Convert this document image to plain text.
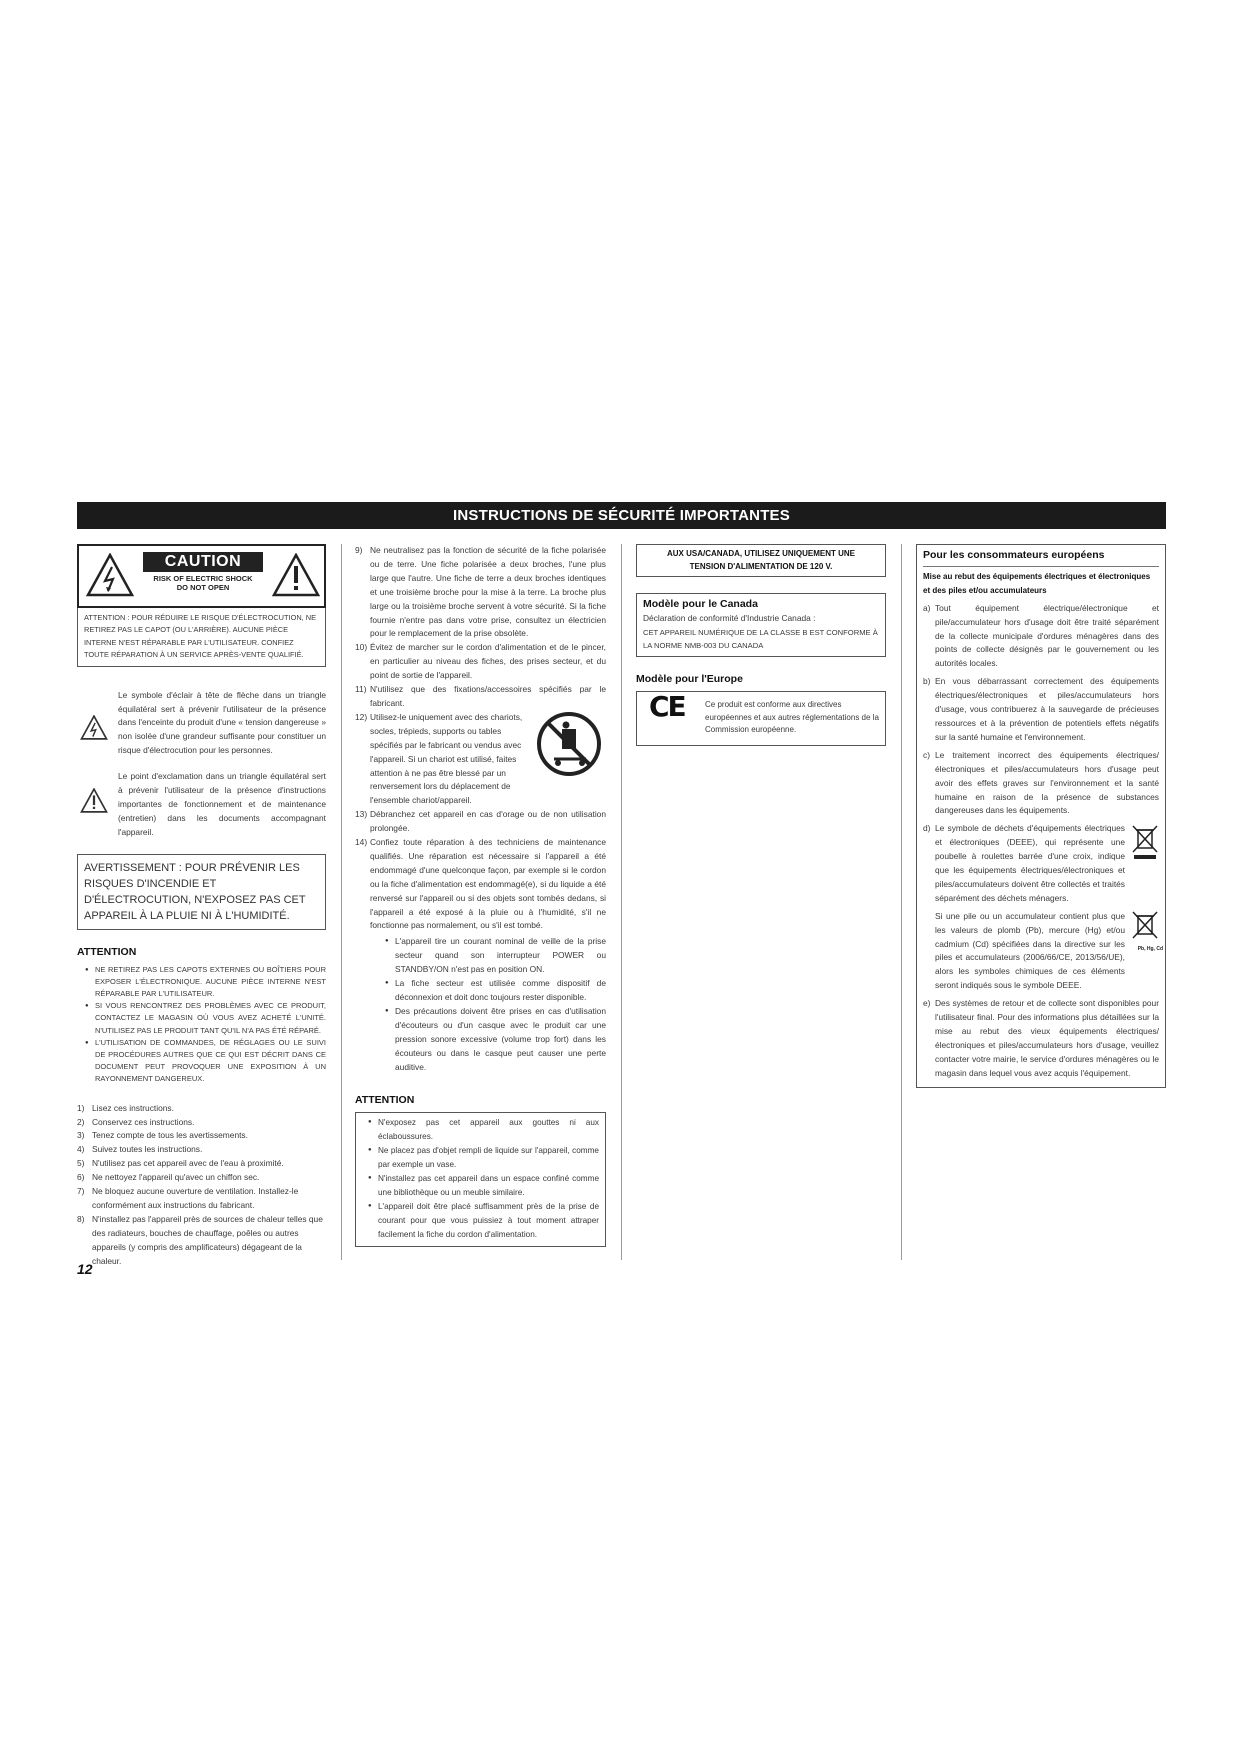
INSTRUCTIONS DE SÉCURITÉ IMPORTANTES
CAUTION
RISK OF ELECTRIC SHOCK
DO NOT OPEN
ATTENTION : POUR RÉDUIRE LE RISQUE D'ÉLECTROCUTION, NE RETIREZ PAS LE CAPOT (OU L'ARRIÈRE). AUCUNE PIÈCE INTERNE N'EST RÉPARABLE PAR L'UTILISATEUR. CONFIEZ TOUTE RÉPARATION À UN SERVICE APRÈS-VENTE QUALIFIÉ.
Le symbole d'éclair à tête de flèche dans un triangle équilatéral sert à prévenir l'utilisateur de la présence dans l'enceinte du produit d'une « tension dangereuse » non isolée d'une grandeur suffisante pour constituer un risque d'électrocution pour les personnes.
Le point d'exclamation dans un triangle équilatéral sert à prévenir l'utilisateur de la présence d'instructions importantes de fonctionnement et de maintenance (entretien) dans les documents accompagnant l'appareil.
AVERTISSEMENT : POUR PRÉVENIR LES RISQUES D'INCENDIE ET D'ÉLECTROCUTION, N'EXPOSEZ PAS CET APPAREIL À LA PLUIE NI À L'HUMIDITÉ.
ATTENTION
● NE RETIREZ PAS LES CAPOTS EXTERNES OU BOÎTIERS POUR EXPOSER L'ÉLECTRONIQUE. AUCUNE PIÈCE INTERNE N'EST RÉPARABLE PAR L'UTILISATEUR.
● SI VOUS RENCONTREZ DES PROBLÈMES AVEC CE PRODUIT, CONTACTEZ LE MAGASIN OÙ VOUS AVEZ ACHETÉ L'UNITÉ. N'UTILISEZ PAS LE PRODUIT TANT QU'IL N'A PAS ÉTÉ RÉPARÉ.
● L'UTILISATION DE COMMANDES, DE RÉGLAGES OU LE SUIVI DE PROCÉDURES AUTRES QUE CE QUI EST DÉCRIT DANS CE DOCUMENT PEUT PROVOQUER UNE EXPOSITION À UN RAYONNEMENT DANGEREUX.
1) Lisez ces instructions.
2) Conservez ces instructions.
3) Tenez compte de tous les avertissements.
4) Suivez toutes les instructions.
5) N'utilisez pas cet appareil avec de l'eau à proximité.
6) Ne nettoyez l'appareil qu'avec un chiffon sec.
7) Ne bloquez aucune ouverture de ventilation. Installez-le conformément aux instructions du fabricant.
8) N'installez pas l'appareil près de sources de chaleur telles que des radiateurs, bouches de chauffage, poêles ou autres appareils (y compris des amplificateurs) dégageant de la chaleur.
9) Ne neutralisez pas la fonction de sécurité de la fiche polarisée ou de terre. Une fiche polarisée a deux broches, l'une plus large que l'autre. Une fiche de terre a deux broches identiques et une troisième broche pour la mise à la terre. La broche plus large ou la troisième broche servent à votre sécurité. Si la fiche fournie n'entre pas dans votre prise, consultez un électricien pour le remplacement de la prise obsolète.
10) Évitez de marcher sur le cordon d'alimentation et de le pincer, en particulier au niveau des fiches, des prises secteur, et du point de sortie de l'appareil.
11) N'utilisez que des fixations/accessoires spécifiés par le fabricant.
12) Utilisez-le uniquement avec des chariots, socles, trépieds, supports ou tables spécifiés par le fabricant ou vendus avec l'appareil. Si un chariot est utilisé, faites attention à ne pas être blessé par un renversement lors du déplacement de l'ensemble chariot/appareil.
13) Débranchez cet appareil en cas d'orage ou de non utilisation prolongée.
14) Confiez toute réparation à des techniciens de maintenance qualifiés. Une réparation est nécessaire si l'appareil a été endommagé d'une quelconque façon, par exemple si le cordon ou la fiche d'alimentation est endommagé(e), si du liquide a été renversé sur l'appareil ou si des objets sont tombés dedans, si l'appareil a été exposé à la pluie ou à l'humidité, s'il ne fonctionne pas normalement, ou s'il est tombé.
● L'appareil tire un courant nominal de veille de la prise secteur quand son interrupteur POWER ou STANDBY/ON n'est pas en position ON.
● La fiche secteur est utilisée comme dispositif de déconnexion et doit donc toujours rester disponible.
● Des précautions doivent être prises en cas d'utilisation d'écouteurs ou d'un casque avec le produit car une pression sonore excessive (volume trop fort) dans les écouteurs ou dans le casque peut causer une perte auditive.
ATTENTION
● N'exposez pas cet appareil aux gouttes ni aux éclaboussures.
● Ne placez pas d'objet rempli de liquide sur l'appareil, comme par exemple un vase.
● N'installez pas cet appareil dans un espace confiné comme une bibliothèque ou un meuble similaire.
● L'appareil doit être placé suffisamment près de la prise de courant pour que vous puissiez à tout moment attraper facilement la fiche du cordon d'alimentation.
AUX USA/CANADA, UTILISEZ UNIQUEMENT UNE TENSION D'ALIMENTATION DE 120 V.
Modèle pour le Canada
Déclaration de conformité d'Industrie Canada :
CET APPAREIL NUMÉRIQUE DE LA CLASSE B EST CONFORME À LA NORME NMB-003 DU CANADA
Modèle pour l'Europe
CE	Ce produit est conforme aux directives européennes et aux autres réglementations de la Commission européenne.
Pour les consommateurs européens
Mise au rebut des équipements électriques et électroniques et des piles et/ou accumulateurs
a) Tout équipement électrique/électronique et pile/accumulateur hors d'usage doit être traité séparément de la collecte municipale d'ordures ménagères dans des points de collecte désignés par le gouvernement ou les autorités locales.
b) En vous débarrassant correctement des équipements électriques/électroniques et piles/accumulateurs hors d'usage, vous contribuerez à la sauvegarde de précieuses ressources et à la prévention de potentiels effets négatifs sur la santé humaine et l'environnement.
c) Le traitement incorrect des équipements électriques/électroniques et piles/accumulateurs hors d'usage peut avoir des effets graves sur l'environnement et la santé humaine en raison de la présence de substances dangereuses dans les équipements.
d) Le symbole de déchets d'équipements électriques et électroniques (DEEE), qui représente une poubelle à roulettes barrée d'une croix, indique que les équipements électriques/électroniques et piles/accumulateurs doivent être collectés et traités séparément des déchets ménagers.
Si une pile ou un accumulateur contient plus que les valeurs de plomb (Pb), mercure (Hg) et/ou cadmium (Cd) spécifiées dans la directive sur les piles et accumulateurs (2006/66/CE, 2013/56/UE), alors les symboles chimiques de ces éléments seront indiqués sous le symbole DEEE.
Pb, Hg, Cd
e) Des systèmes de retour et de collecte sont disponibles pour l'utilisateur final. Pour des informations plus détaillées sur la mise au rebut des vieux équipements électriques/électroniques et piles/accumulateurs hors d'usage, veuillez contacter votre mairie, le service d'ordures ménagères ou le magasin dans lequel vous avez acquis l'équipement.
12
